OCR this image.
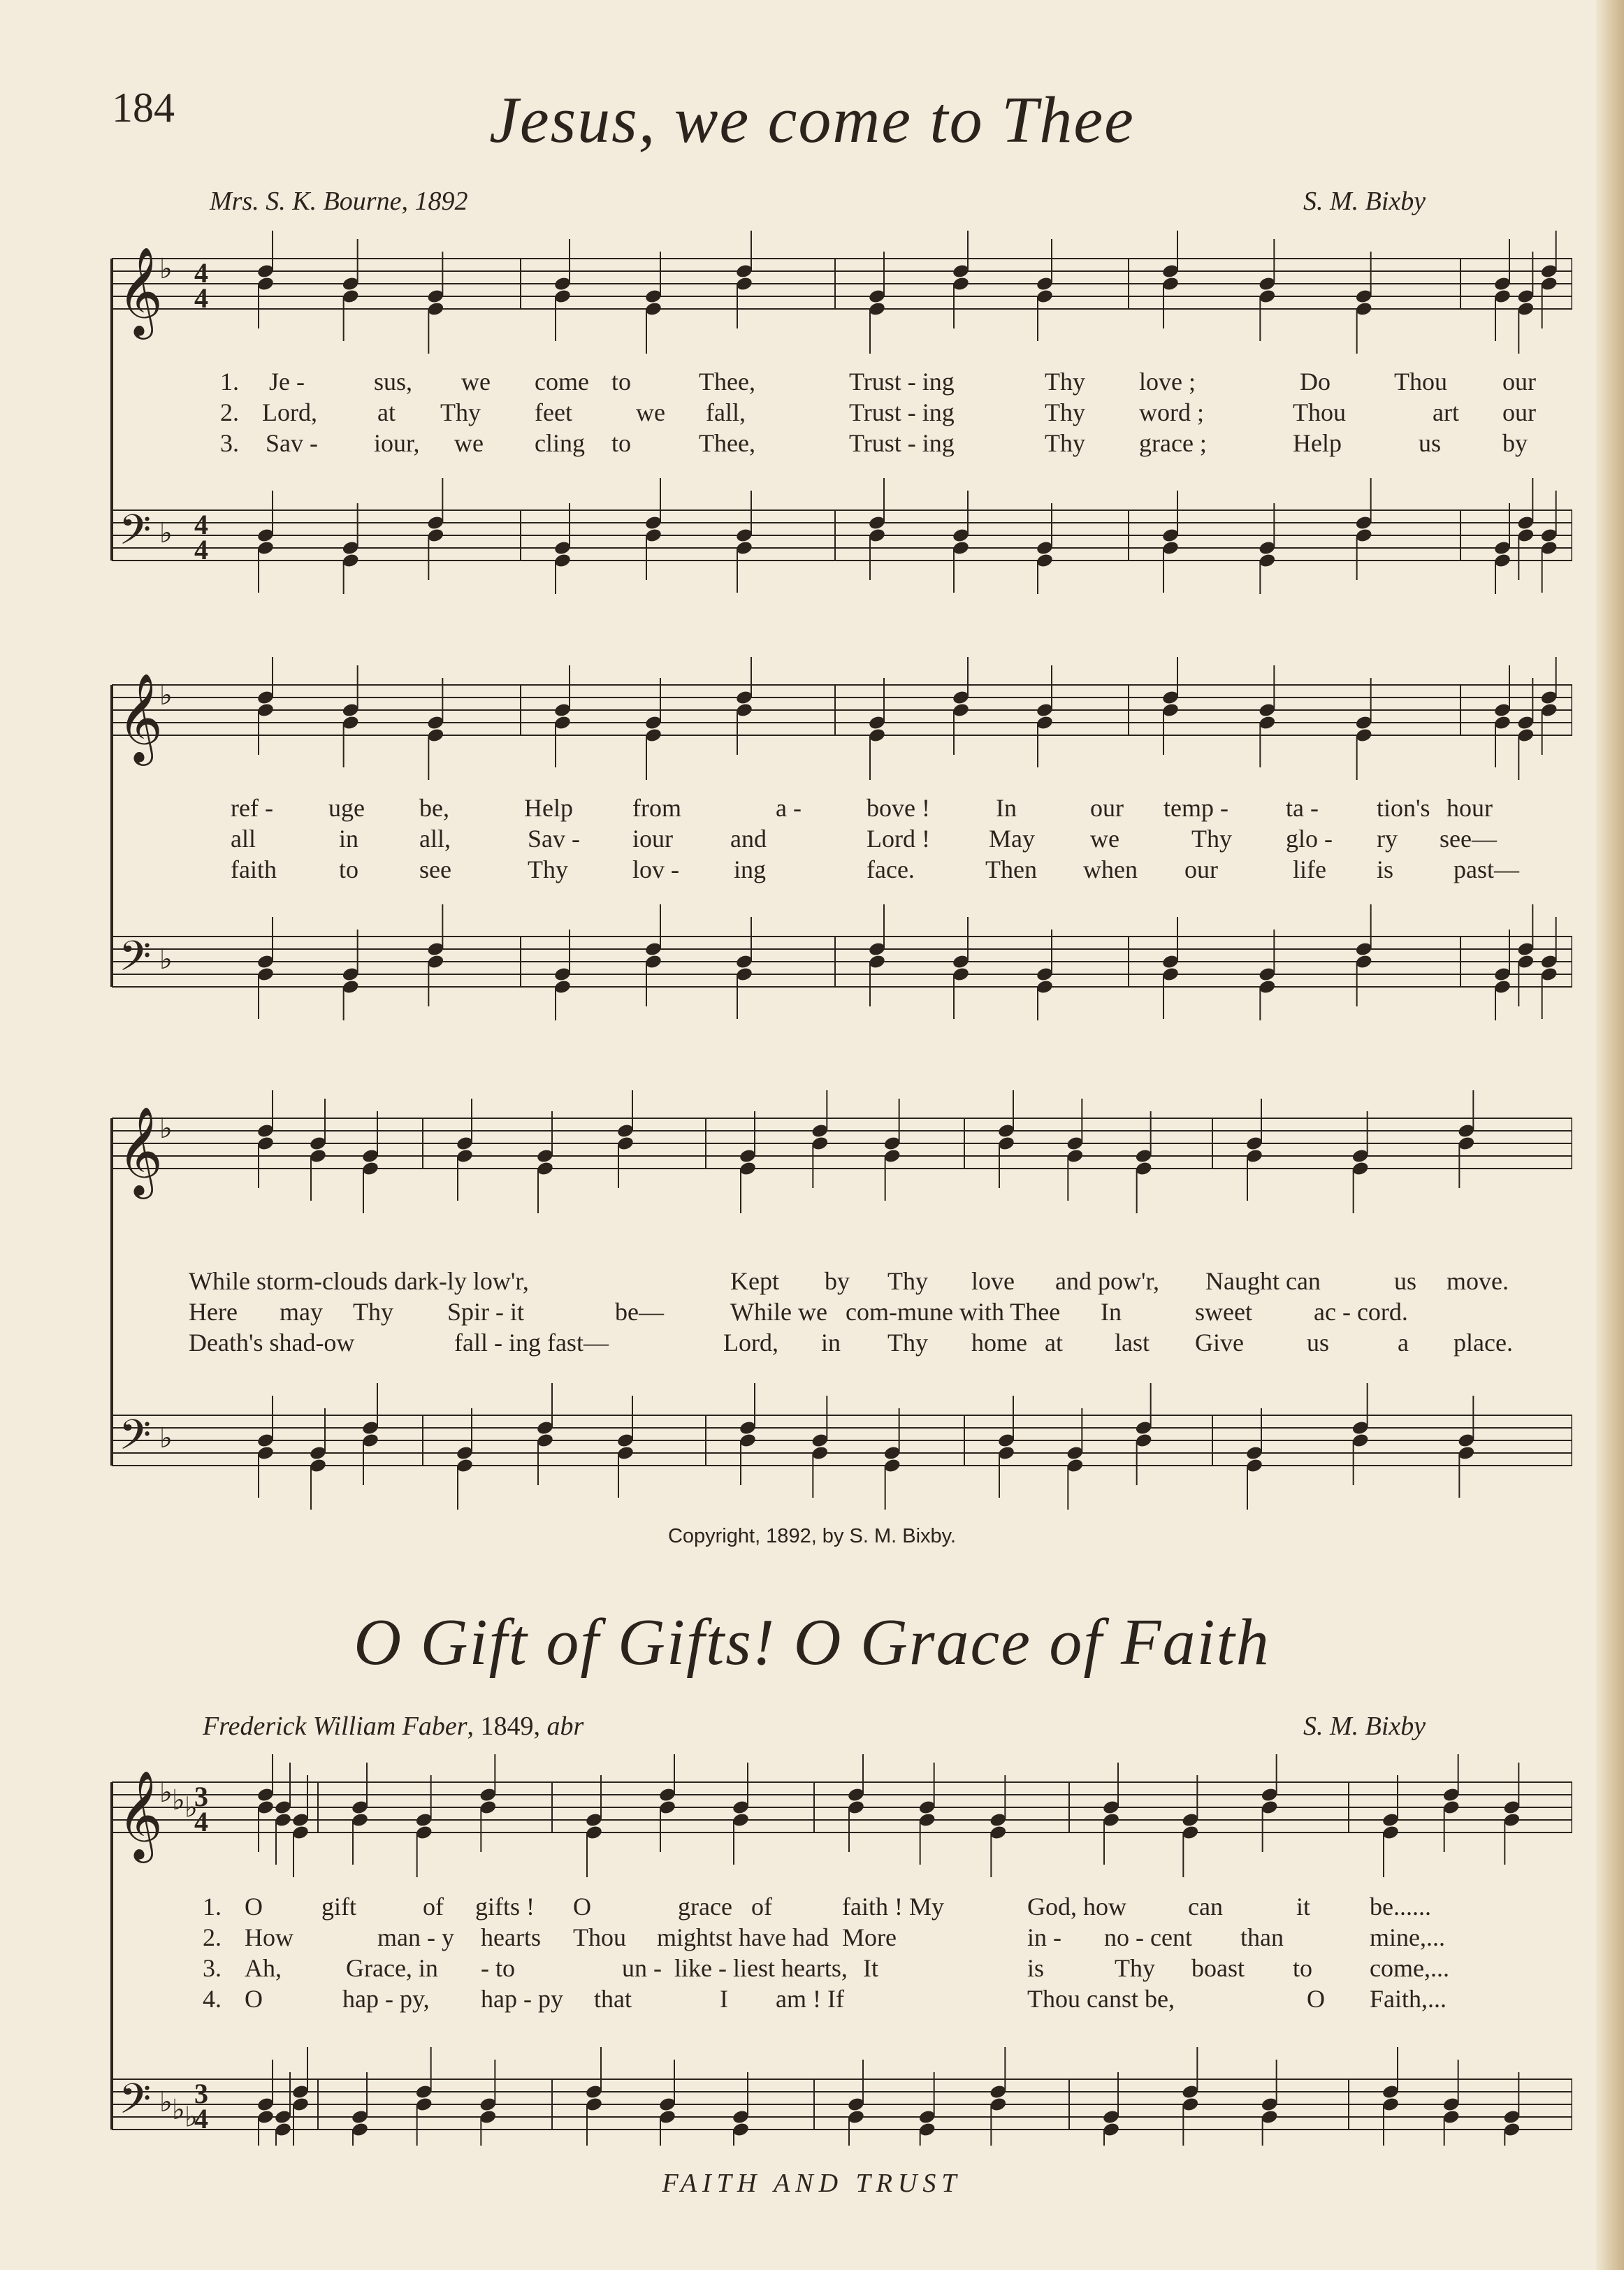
184	Jesus, we come to Thee
Mrs. S. K. Bourne, 1892	S. M. Bixby
𝄞
𝄢
♭
♭
4
4
4
4
1. Je -	sus, we come to	Thee,	Trust - ing	Thy love ;	Do	Thou our
2. Lord, at Thy feet	we fall,	Trust - ing	Thy word ;	Thou	art our
3. Sav - iour, we cling to	Thee,	Trust - ing	Thy grace ;	Help	us by
𝄞
𝄢
♭
♭
ref - uge be,	Help from	a -	bove !	In	our temp - ta - tion's hour
all	in all,	Sav - iour and	Lord ! May we	Thy glo - ry see—
faith to see	Thy	lov - ing	face.	Then when our	life is past—
𝄞
𝄢
♭
♭
While storm-clouds dark-ly low'r,	Kept by Thy love and pow'r, Naught can	us move.
Here may Thy Spir - it	be—	While we com-mune with Thee In	sweet ac - cord.
Death's shad-ow	fall - ing fast—	Lord, in Thy home at last Give	us	a place.
Copyright, 1892, by S. M. Bixby.
O Gift of Gifts! O Grace of Faith
Frederick William Faber, 1849, abr	S. M. Bixby
𝄞
𝄢
♭
♭
♭
♭
♭
♭
3
4
3
4
1. O gift	of gifts ! O	grace of	faith ! My	God, how can	it be......
2. How	man - y hearts Thou mightst have had More	in - no - cent than	mine,...
3. Ah,	Grace, in - to	un - like - liest hearts, It	is	Thy boast to come,...
4. O	hap - py, hap - py that	I am ! If	Thou canst be,	O Faith,...
FAITH AND TRUST
